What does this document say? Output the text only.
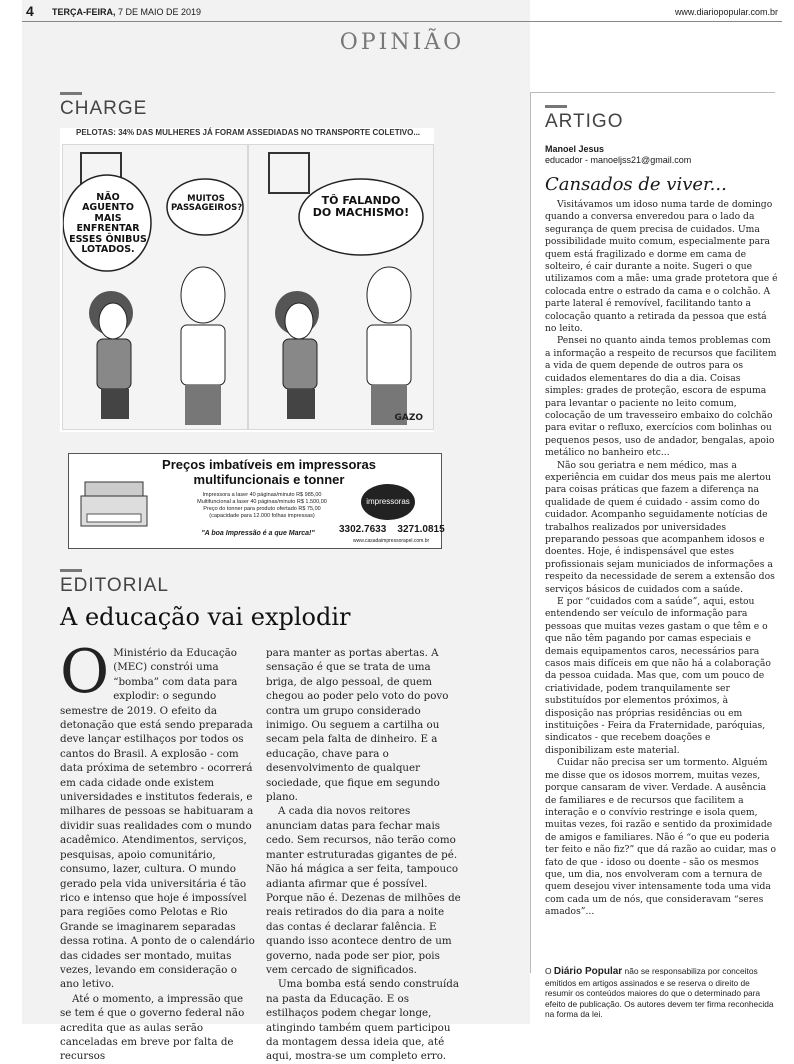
4 TERÇA-FEIRA, 7 DE MAIO DE 2019	www.diariopopular.com.br
OPINIÃO
CHARGE
PELOTAS: 34% DAS MULHERES JÁ FORAM ASSEDIADAS NO TRANSPORTE COLETIVO...
NÃO AGUENTO MAIS ENFRENTAR ESSES ÔNIBUS LOTADOS.
MUITOS PASSAGEIROS?
TÔ FALANDO DO MACHISMO!
GAZO
Preços imbatíveis em impressoras
multifuncionais e tonner
Impressora a laser 40 páginas/minuto R$ 985,00
Multifuncional a laser 40 páginas/minuto R$ 1.500,00
Preço do tonner para produto ofertado R$ 75,00
(capacidade para 12.000 folhas impressas)
impressoras
"A boa Impressão é a que Marca!"	3302.7633 3271.0815
www.casadaimpressorapel.com.br
EDITORIAL
A educação vai explodir

O Ministério da Educação (MEC) constrói uma “bomba” com data para explodir: o segundo semestre de 2019. O efeito da detonação que está sendo preparada deve lançar estilhaços por todos os cantos do Brasil. A explosão - com data próxima de setembro - ocorrerá em cada cidade onde existem universidades e institutos federais, e milhares de pessoas se habituaram a dividir suas realidades com o mundo acadêmico. Atendimentos, serviços, pesquisas, apoio comunitário, consumo, lazer, cultura. O mundo gerado pela vida universitária é tão rico e intenso que hoje é impossível para regiões como Pelotas e Rio Grande se imaginarem separadas dessa rotina. A ponto de o calendário das cidades ser montado, muitas vezes, levando em consideração o ano letivo.

Até o momento, a impressão que se tem é que o governo federal não acredita que as aulas serão canceladas em breve por falta de recursos

para manter as portas abertas. A sensação é que se trata de uma briga, de algo pessoal, de quem chegou ao poder pelo voto do povo contra um grupo considerado inimigo. Ou seguem a cartilha ou secam pela falta de dinheiro. E a educação, chave para o desenvolvimento de qualquer sociedade, que fique em segundo plano.

A cada dia novos reitores anunciam datas para fechar mais cedo. Sem recursos, não terão como manter estruturadas gigantes de pé. Não há mágica a ser feita, tampouco adianta afirmar que é possível. Porque não é. Dezenas de milhões de reais retirados do dia para a noite das contas é declarar falência. E quando isso acontece dentro de um governo, nada pode ser pior, pois vem cercado de significados.

Uma bomba está sendo construída na pasta da Educação. E os estilhaços podem chegar longe, atingindo também quem participou da montagem dessa ideia que, até aqui, mostra-se um completo erro.

ARTIGO
Manoel Jesus
educador - manoeljss21@gmail.com
Cansados de viver...

Visitávamos um idoso numa tarde de domingo quando a conversa enveredou para o lado da segurança de quem precisa de cuidados. Uma possibilidade muito comum, especialmente para quem está fragilizado e dorme em cama de solteiro, é cair durante a noite. Sugeri o que utilizamos com a mãe: uma grade protetora que é colocada entre o estrado da cama e o colchão. A parte lateral é removível, facilitando tanto a colocação quanto a retirada da pessoa que está no leito.

Pensei no quanto ainda temos problemas com a informação a respeito de recursos que facilitem a vida de quem depende de outros para os cuidados elementares do dia a dia. Coisas simples: grades de proteção, escora de espuma para levantar o paciente no leito comum, colocação de um travesseiro embaixo do colchão para evitar o refluxo, exercícios com bolinhas ou pequenos pesos, uso de andador, bengalas, apoio metálico no banheiro etc...

Não sou geriatra e nem médico, mas a experiência em cuidar dos meus pais me alertou para coisas práticas que fazem a diferença na qualidade de quem é cuidado - assim como do cuidador. Acompanho seguidamente notícias de trabalhos realizados por universidades preparando pessoas que acompanhem idosos e doentes. Hoje, é indispensável que estes profissionais sejam municiados de informações a respeito da necessidade de serem a extensão dos serviços básicos de cuidados com a saúde.

E por “cuidados com a saúde”, aqui, estou entendendo ser veículo de informação para pessoas que muitas vezes gastam o que têm e o que não têm pagando por camas especiais e demais equipamentos caros, necessários para casos mais difíceis em que não há a colaboração da pessoa cuidada. Mas que, com um pouco de criatividade, podem tranquilamente ser substituídos por elementos próximos, à disposição nas próprias residências ou em instituições - Feira da Fraternidade, paróquias, sindicatos - que recebem doações e disponibilizam este material.

Cuidar não precisa ser um tormento. Alguém me disse que os idosos morrem, muitas vezes, porque cansaram de viver. Verdade. A ausência de familiares e de recursos que facilitem a interação e o convívio restringe e isola quem, muitas vezes, foi razão e sentido da proximidade de amigos e familiares. Não é “o que eu poderia ter feito e não fiz?” que dá razão ao cuidar, mas o fato de que - idoso ou doente - são os mesmos que, um dia, nos envolveram com a ternura de quem desejou viver intensamente toda uma vida com cada um de nós, que consideravam “seres amados”...

O Diário Popular não se responsabiliza por conceitos emitidos em artigos assinados e se reserva o direito de resumir os conteúdos maiores do que o determinado para efeito de publicação. Os autores devem ter firma reconhecida na forma da lei.
